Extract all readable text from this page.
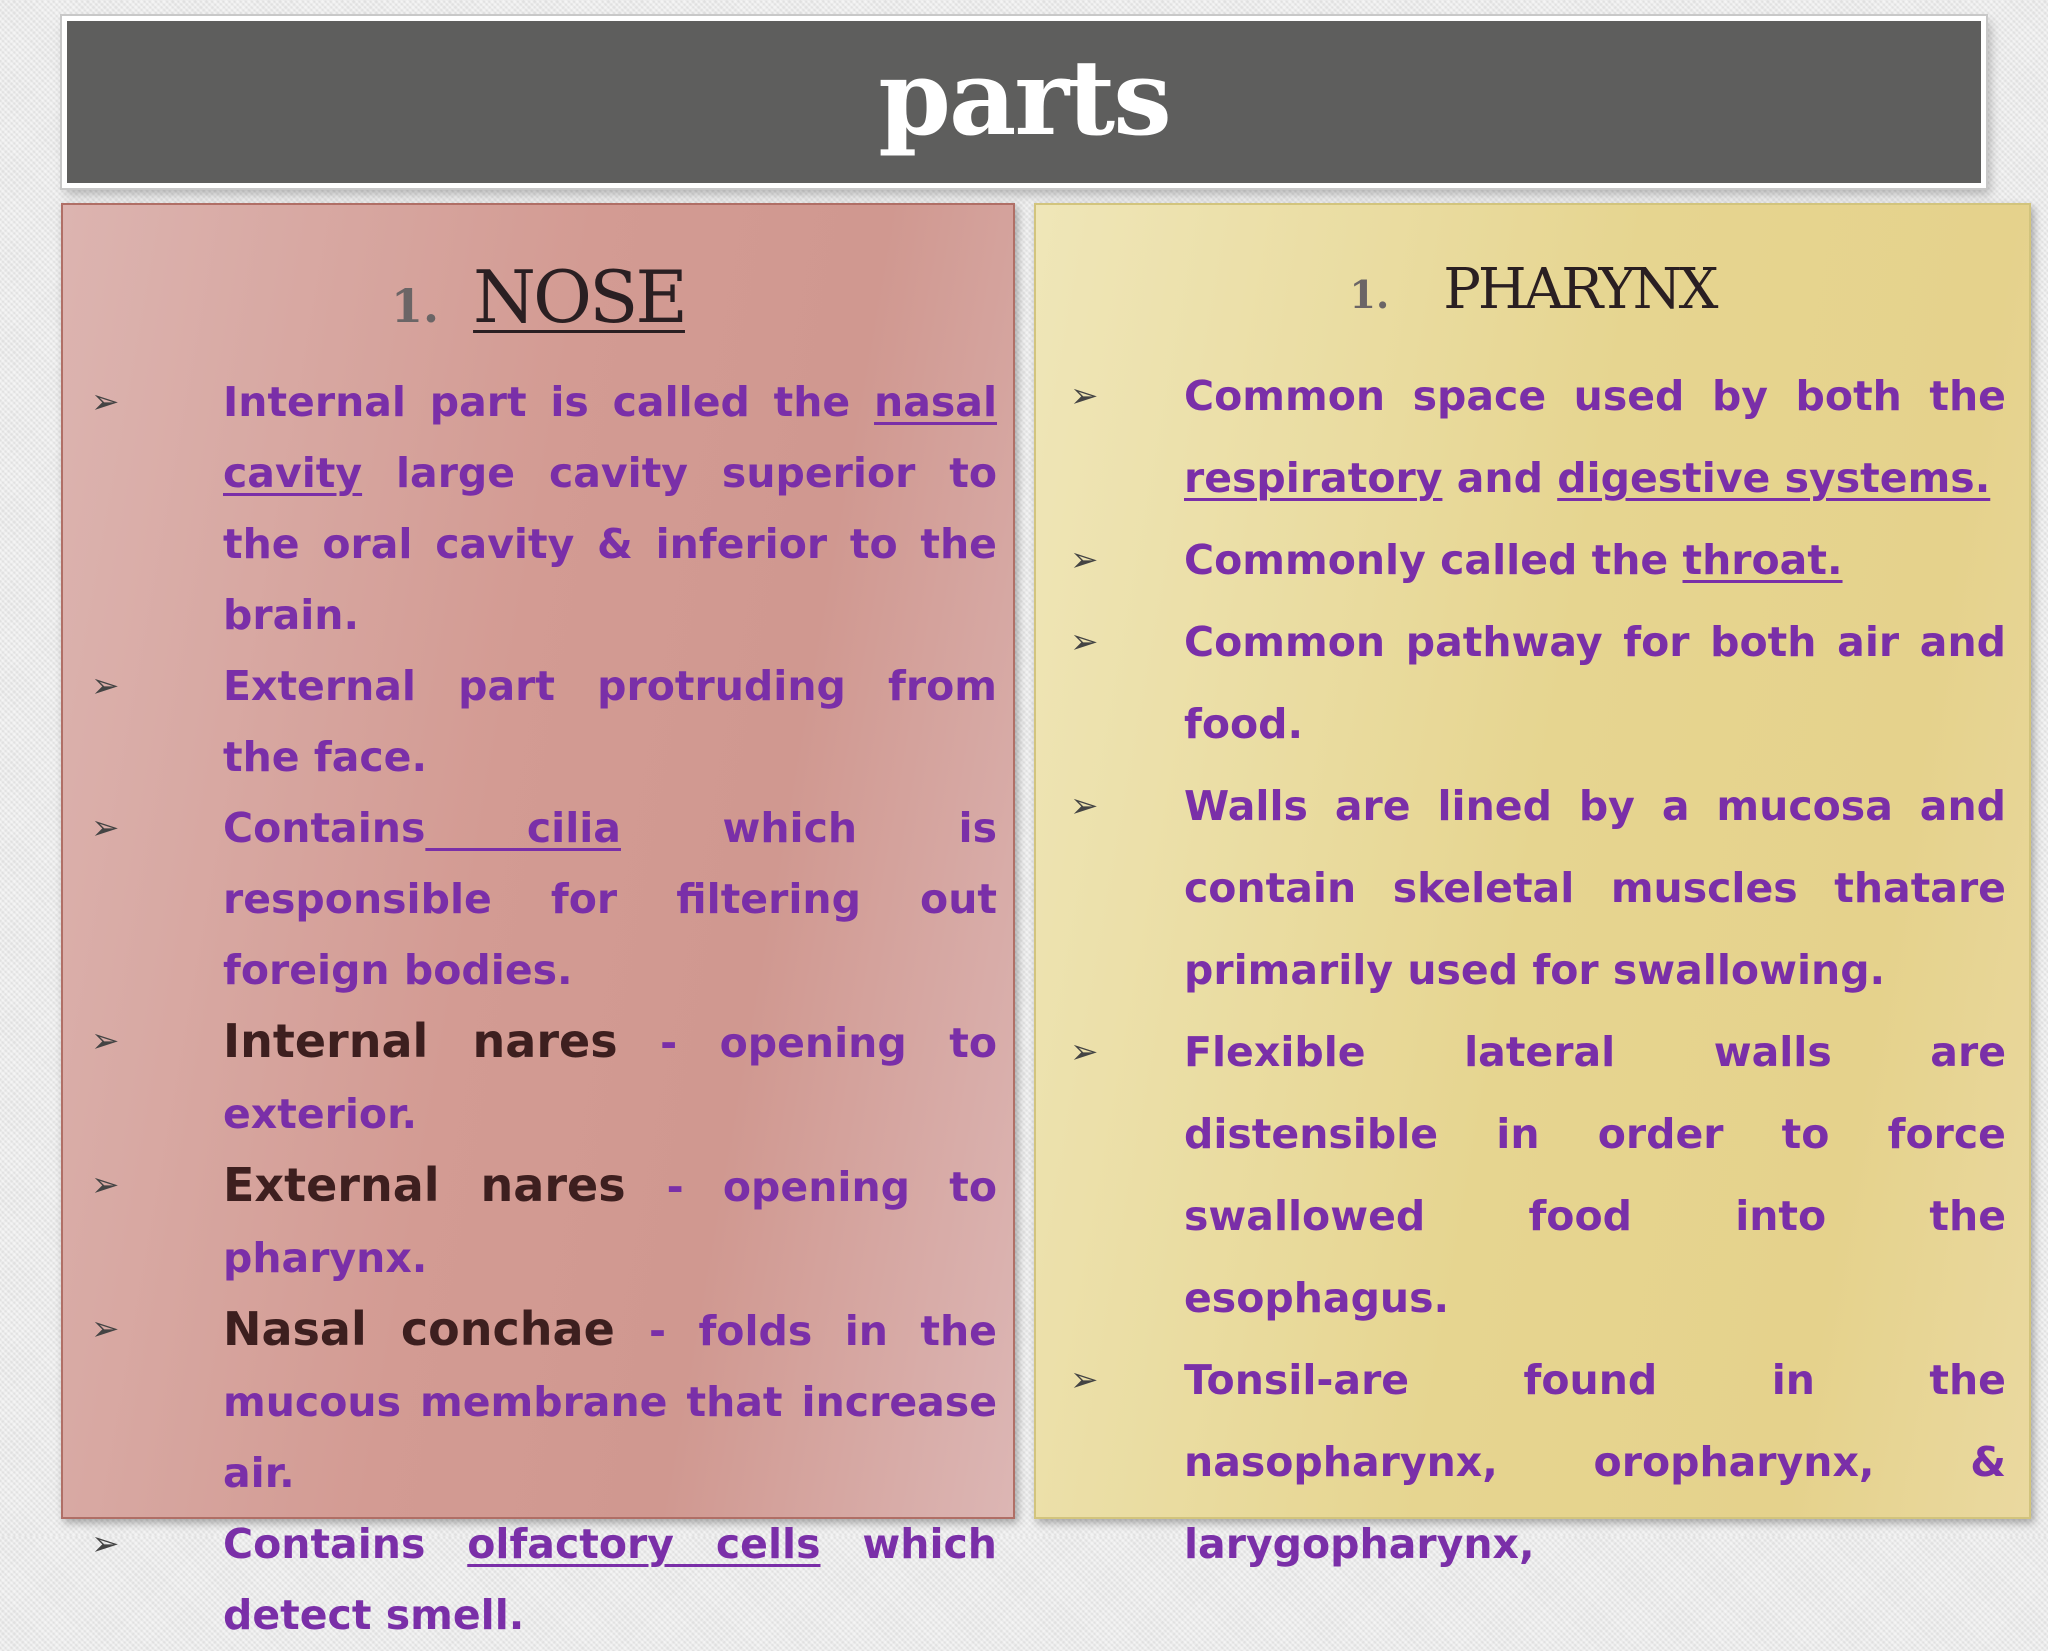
parts
1. NOSE
➢	Internal part is called the nasal cavity large cavity superior to the oral cavity & inferior to the brain.
➢	External part protruding from the face.
➢	Contains cilia which is responsible for filtering out foreign bodies.
➢ Internal nares - opening to exterior.
➢ External nares - opening to pharynx.
➢ Nasal conchae - folds in the mucous membrane that increase air.
➢	Contains olfactory cells which detect smell.
1. PHARYNX
➢ Common space used by both the respiratory and digestive systems.
➢ Commonly called the throat.
➢ Common pathway for both air and food.
➢ Walls are lined by a mucosa and contain skeletal muscles thatare primarily used for swallowing.
➢ Flexible lateral walls are distensible in order to force swallowed food into the esophagus.
➢ Tonsil-are found in the nasopharynx, oropharynx, & larygopharynx,
